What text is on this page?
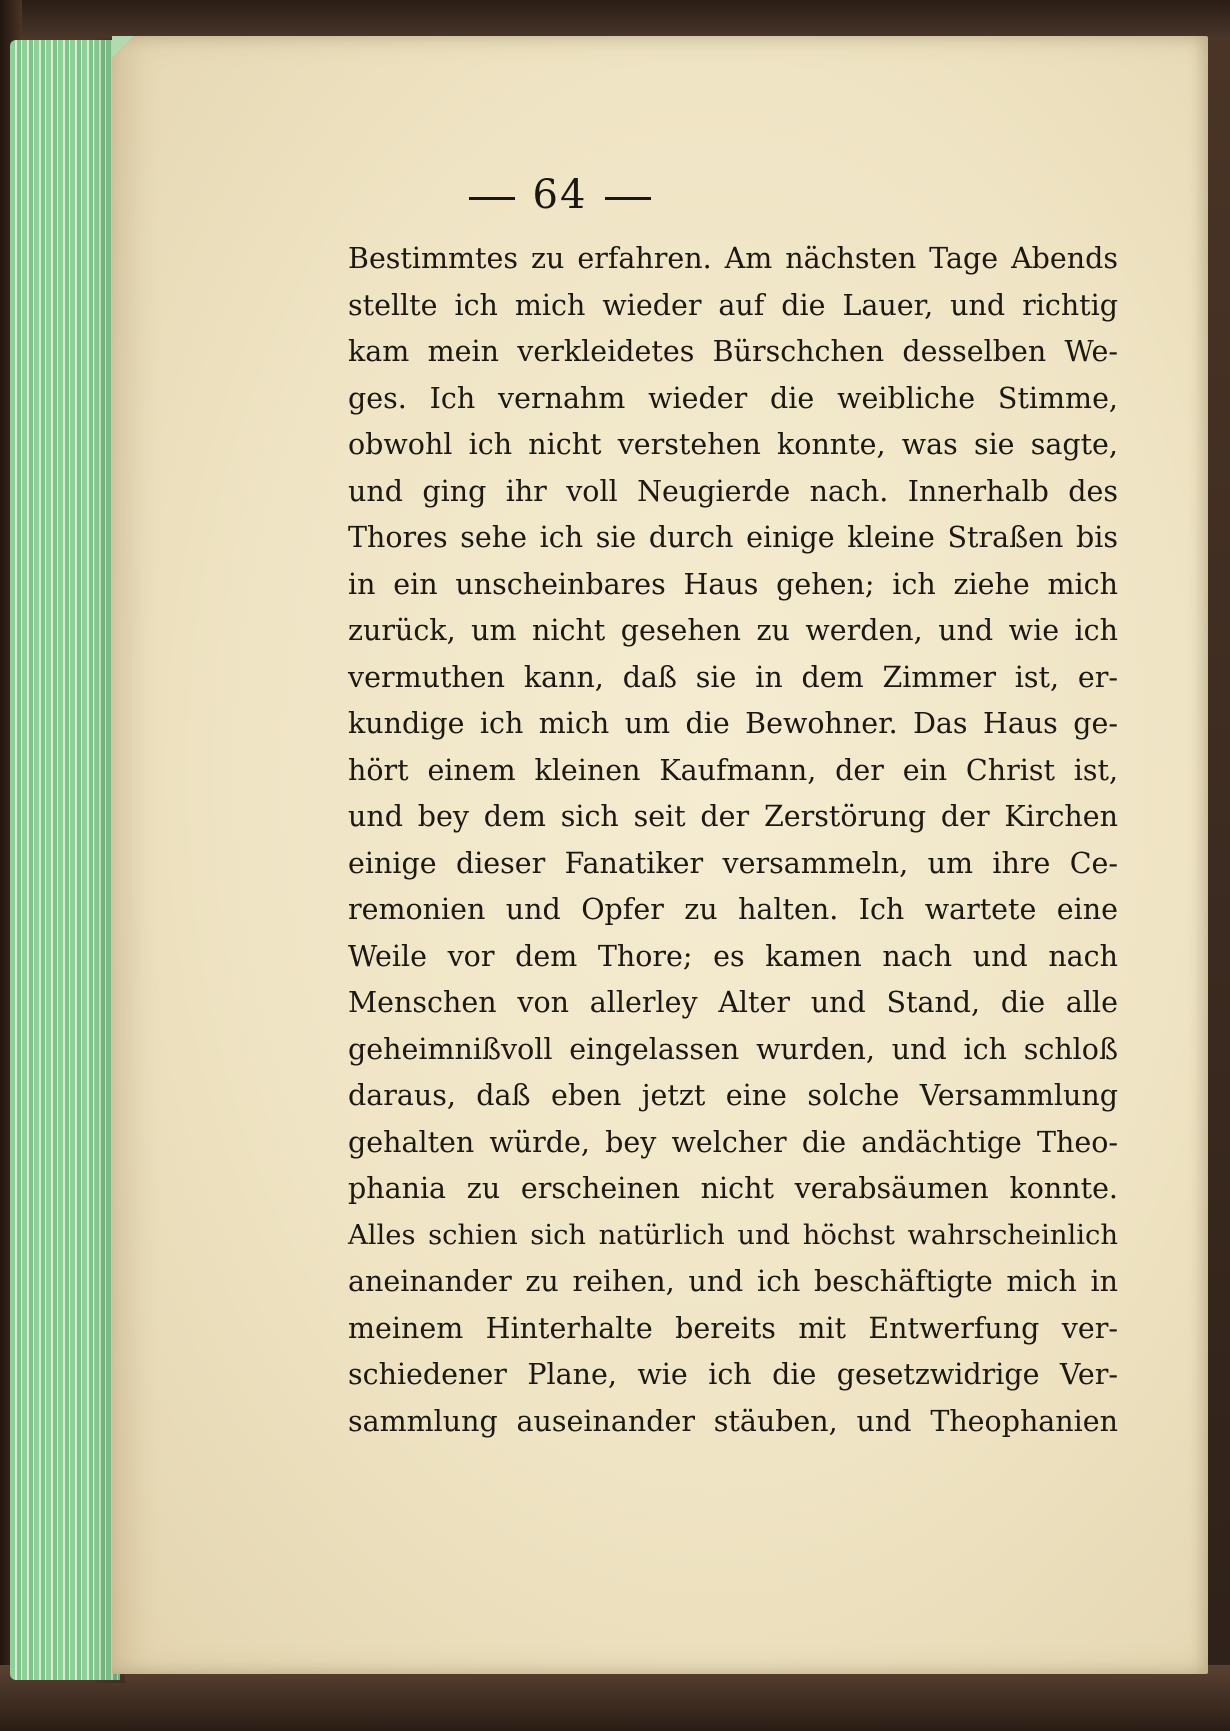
64
Bestimmtes zu erfahren. Am nächsten Tage Abends
stellte ich mich wieder auf die Lauer, und richtig
kam mein verkleidetes Bürschchen desselben We-
ges. Ich vernahm wieder die weibliche Stimme,
obwohl ich nicht verstehen konnte, was sie sagte,
und ging ihr voll Neugierde nach. Innerhalb des
Thores sehe ich sie durch einige kleine Straßen bis
in ein unscheinbares Haus gehen; ich ziehe mich
zurück, um nicht gesehen zu werden, und wie ich
vermuthen kann, daß sie in dem Zimmer ist, er-
kundige ich mich um die Bewohner. Das Haus ge-
hört einem kleinen Kaufmann, der ein Christ ist,
und bey dem sich seit der Zerstörung der Kirchen
einige dieser Fanatiker versammeln, um ihre Ce-
remonien und Opfer zu halten. Ich wartete eine
Weile vor dem Thore; es kamen nach und nach
Menschen von allerley Alter und Stand, die alle
geheimnißvoll eingelassen wurden, und ich schloß
daraus, daß eben jetzt eine solche Versammlung
gehalten würde, bey welcher die andächtige Theo-
phania zu erscheinen nicht verabsäumen konnte.
Alles schien sich natürlich und höchst wahrscheinlich
aneinander zu reihen, und ich beschäftigte mich in
meinem Hinterhalte bereits mit Entwerfung ver-
schiedener Plane, wie ich die gesetzwidrige Ver-
sammlung auseinander stäuben, und Theophanien
